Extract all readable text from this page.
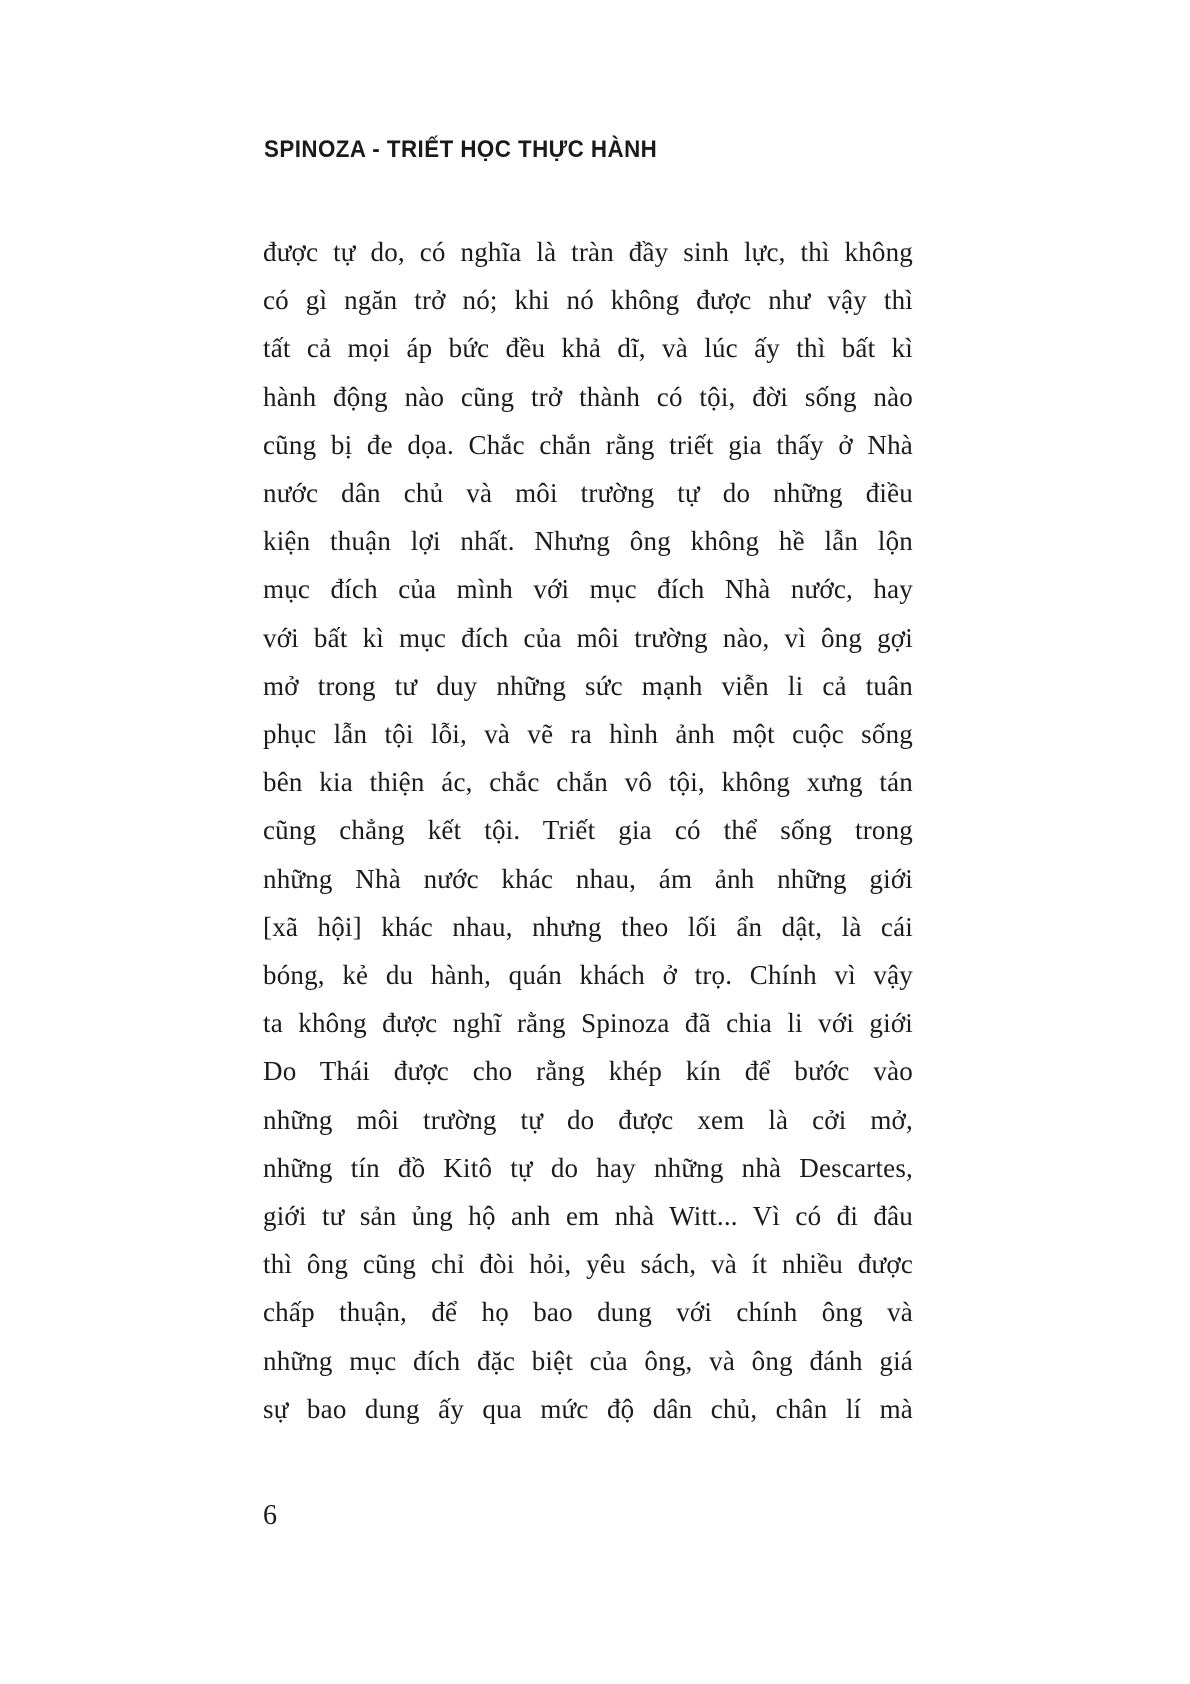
SPINOZA - TRIẾT HỌC THỰC HÀNH
được tự do, có nghĩa là tràn đầy sinh lực, thì không
có gì ngăn trở nó; khi nó không được như vậy thì
tất cả mọi áp bức đều khả dĩ, và lúc ấy thì bất kì
hành động nào cũng trở thành có tội, đời sống nào
cũng bị đe dọa. Chắc chắn rằng triết gia thấy ở Nhà
nước dân chủ và môi trường tự do những điều
kiện thuận lợi nhất. Nhưng ông không hề lẫn lộn
mục đích của mình với mục đích Nhà nước, hay
với bất kì mục đích của môi trường nào, vì ông gợi
mở trong tư duy những sức mạnh viễn li cả tuân
phục lẫn tội lỗi, và vẽ ra hình ảnh một cuộc sống
bên kia thiện ác, chắc chắn vô tội, không xưng tán
cũng chẳng kết tội. Triết gia có thể sống trong
những Nhà nước khác nhau, ám ảnh những giới
[xã hội] khác nhau, nhưng theo lối ẩn dật, là cái
bóng, kẻ du hành, quán khách ở trọ. Chính vì vậy
ta không được nghĩ rằng Spinoza đã chia li với giới
Do Thái được cho rằng khép kín để bước vào
những môi trường tự do được xem là cởi mở,
những tín đồ Kitô tự do hay những nhà Descartes,
giới tư sản ủng hộ anh em nhà Witt... Vì có đi đâu
thì ông cũng chỉ đòi hỏi, yêu sách, và ít nhiều được
chấp thuận, để họ bao dung với chính ông và
những mục đích đặc biệt của ông, và ông đánh giá
sự bao dung ấy qua mức độ dân chủ, chân lí mà
6
